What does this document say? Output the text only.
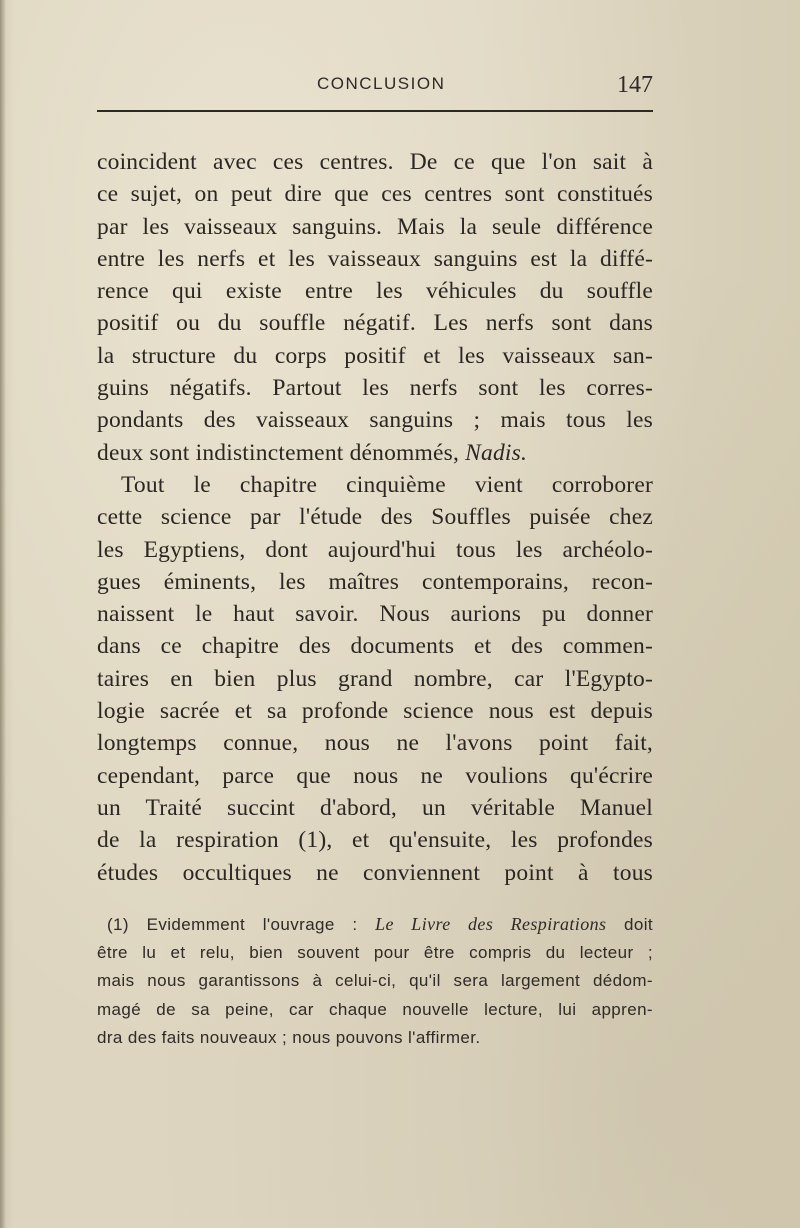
CONCLUSION	147
coincident avec ces centres. De ce que l'on sait à
ce sujet, on peut dire que ces centres sont constitués
par les vaisseaux sanguins. Mais la seule différence
entre les nerfs et les vaisseaux sanguins est la diffé-
rence qui existe entre les véhicules du souffle
positif ou du souffle négatif. Les nerfs sont dans
la structure du corps positif et les vaisseaux san-
guins négatifs. Partout les nerfs sont les corres-
pondants des vaisseaux sanguins ; mais tous les
deux sont indistinctement dénommés, Nadis.
Tout le chapitre cinquième vient corroborer
cette science par l'étude des Souffles puisée chez
les Egyptiens, dont aujourd'hui tous les archéolo-
gues éminents, les maîtres contemporains, recon-
naissent le haut savoir. Nous aurions pu donner
dans ce chapitre des documents et des commen-
taires en bien plus grand nombre, car l'Egypto-
logie sacrée et sa profonde science nous est depuis
longtemps connue, nous ne l'avons point fait,
cependant, parce que nous ne voulions qu'écrire
un Traité succint d'abord, un véritable Manuel
de la respiration (1), et qu'ensuite, les profondes
études occultiques ne conviennent point à tous
(1) Evidemment l'ouvrage : Le Livre des Respirations doit
être lu et relu, bien souvent pour être compris du lecteur ;
mais nous garantissons à celui-ci, qu'il sera largement dédom-
magé de sa peine, car chaque nouvelle lecture, lui appren-
dra des faits nouveaux ; nous pouvons l'affirmer.
